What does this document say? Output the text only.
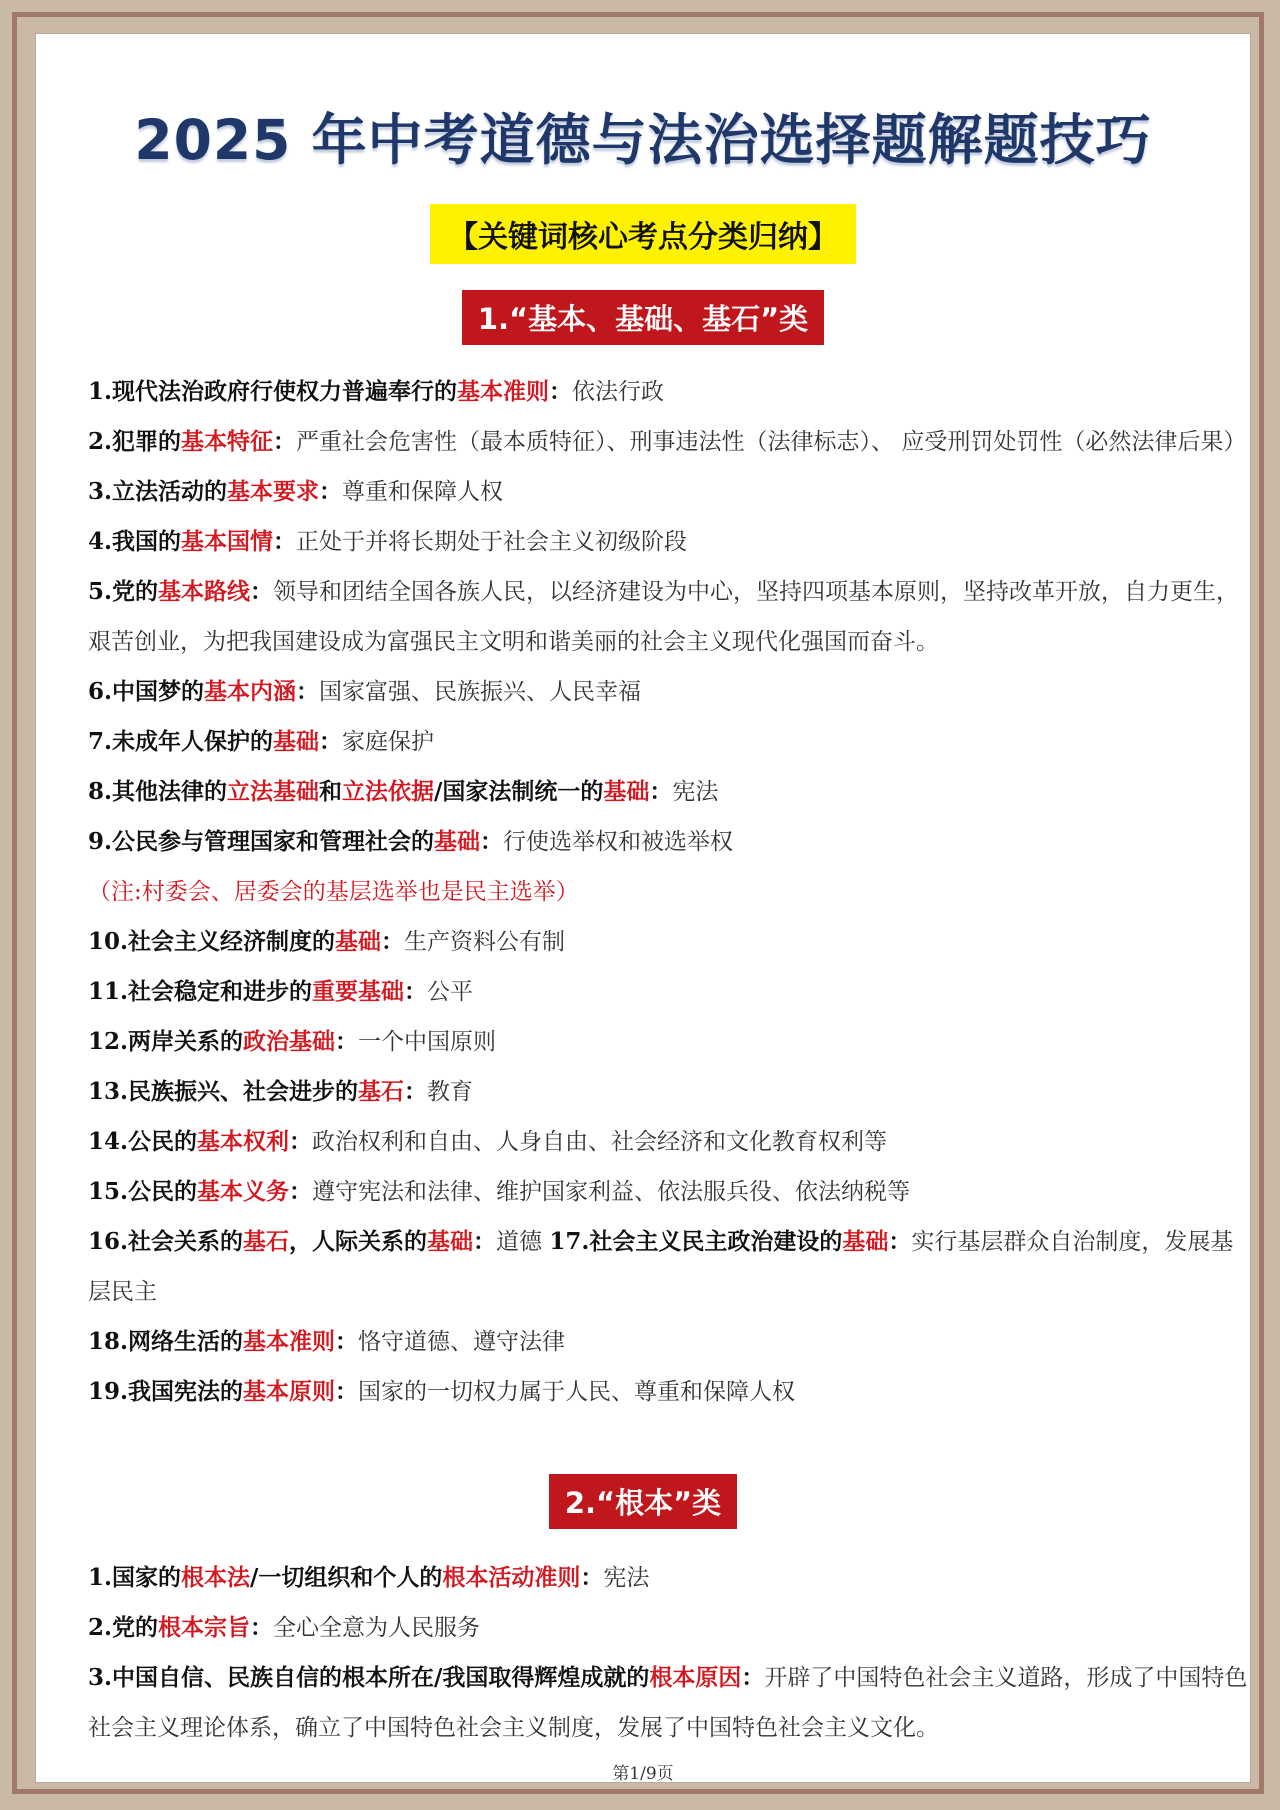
2025 年中考道德与法治选择题解题技巧
【关键词核心考点分类归纳】
1.“基本、基础、基石”类
1.现代法治政府行使权力普遍奉行的基本准则：依法行政
2.犯罪的基本特征：严重社会危害性（最本质特征）、刑事违法性（法律标志）、 应受刑罚处罚性（必然法律后果）
3.立法活动的基本要求：尊重和保障人权
4.我国的基本国情：正处于并将长期处于社会主义初级阶段
5.党的基本路线：领导和团结全国各族人民，以经济建设为中心，坚持四项基本原则，坚持改革开放，自力更生，艰苦创业，为把我国建设成为富强民主文明和谐美丽的社会主义现代化强国而奋斗。
6.中国梦的基本内涵：国家富强、民族振兴、人民幸福
7.未成年人保护的基础：家庭保护
8.其他法律的立法基础和立法依据/国家法制统一的基础：宪法
9.公民参与管理国家和管理社会的基础：行使选举权和被选举权
（注:村委会、居委会的基层选举也是民主选举）
10.社会主义经济制度的基础：生产资料公有制
11.社会稳定和进步的重要基础：公平
12.两岸关系的政治基础：一个中国原则
13.民族振兴、社会进步的基石：教育
14.公民的基本权利：政治权利和自由、人身自由、社会经济和文化教育权利等
15.公民的基本义务：遵守宪法和法律、维护国家利益、依法服兵役、依法纳税等
16.社会关系的基石，人际关系的基础：道德 17.社会主义民主政治建设的基础：实行基层群众自治制度，发展基层民主
18.网络生活的基本准则：恪守道德、遵守法律
19.我国宪法的基本原则：国家的一切权力属于人民、尊重和保障人权
2.“根本”类
1.国家的根本法/一切组织和个人的根本活动准则：宪法
2.党的根本宗旨：全心全意为人民服务
3.中国自信、民族自信的根本所在/我国取得辉煌成就的根本原因：开辟了中国特色社会主义道路，形成了中国特色社会主义理论体系，确立了中国特色社会主义制度，发展了中国特色社会主义文化。
第1/9页
